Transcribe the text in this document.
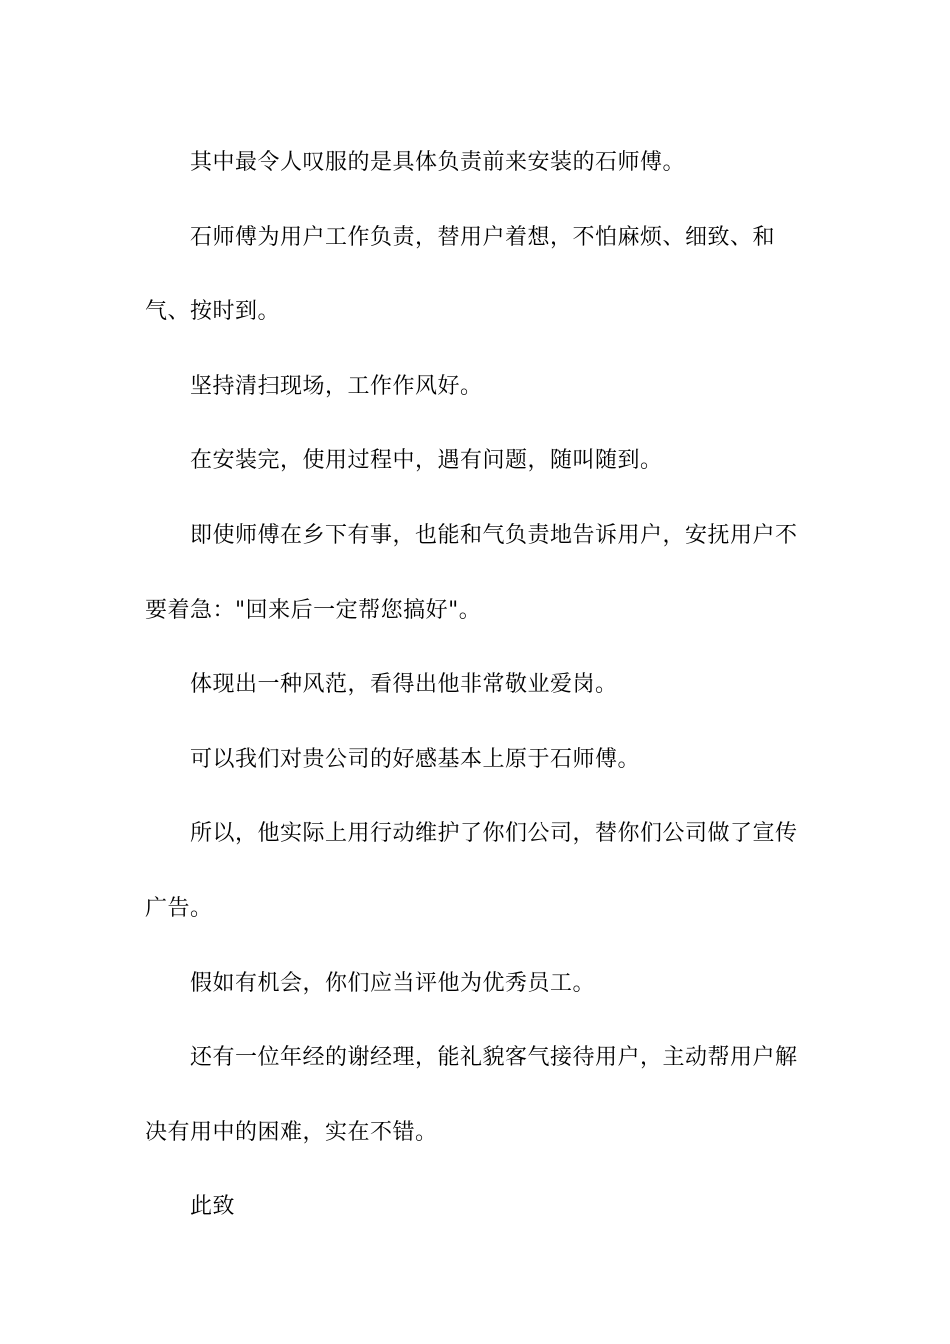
其中最令人叹服的是具体负责前来安装的石师傅。

石师傅为用户工作负责，替用户着想，不怕麻烦、细致、和气、按时到。

坚持清扫现场，工作作风好。

在安装完，使用过程中，遇有问题，随叫随到。

即使师傅在乡下有事，也能和气负责地告诉用户，安抚用户不要着急："回来后一定帮您搞好"。

体现出一种风范，看得出他非常敬业爱岗。

可以我们对贵公司的好感基本上原于石师傅。

所以，他实际上用行动维护了你们公司，替你们公司做了宣传广告。

假如有机会，你们应当评他为优秀员工。

还有一位年经的谢经理，能礼貌客气接待用户，主动帮用户解决有用中的困难，实在不错。

此致
